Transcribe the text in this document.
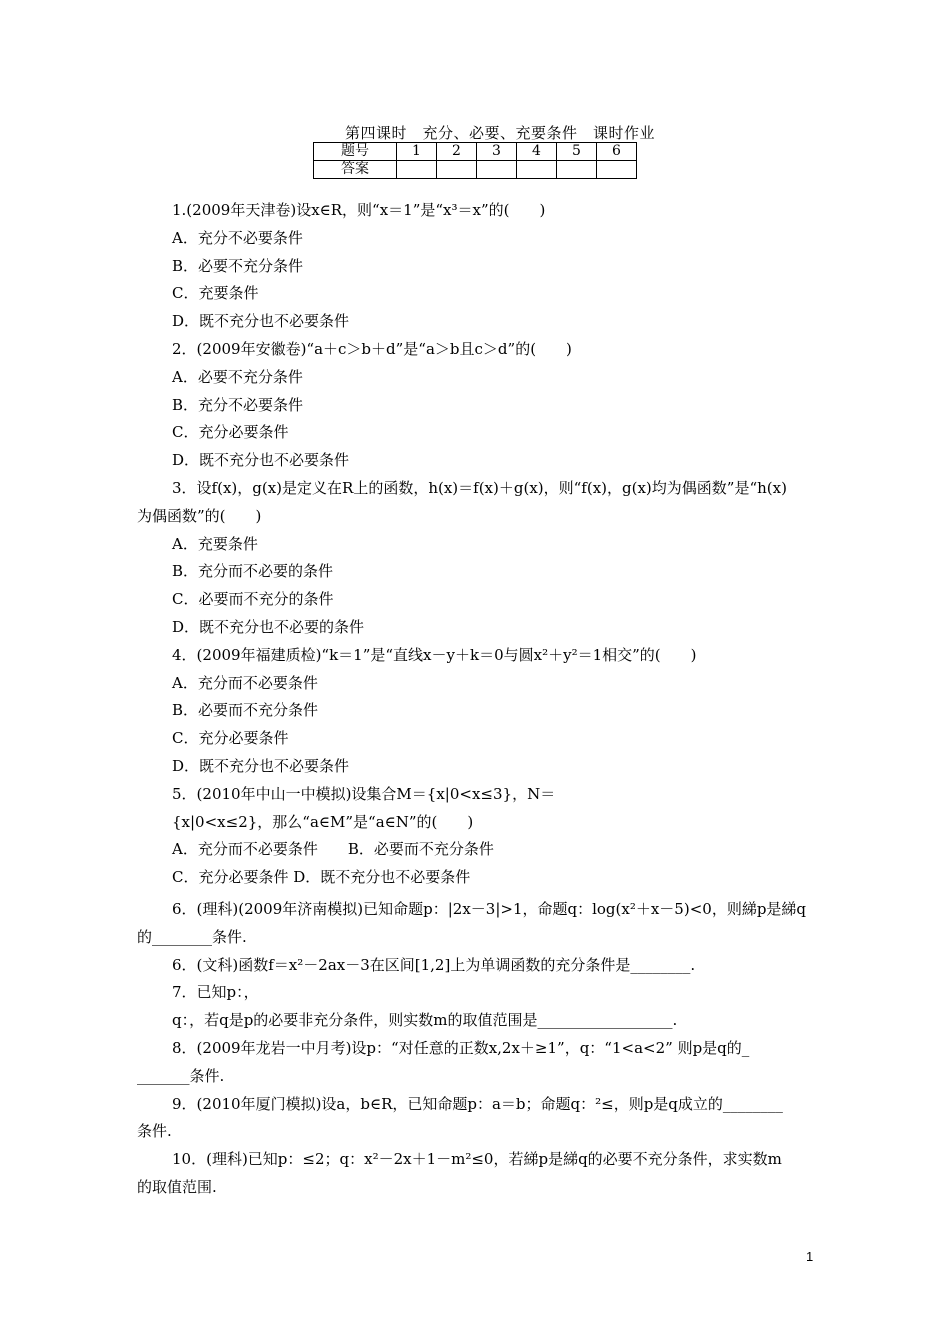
第四课时　充分、必要、充要条件　课时作业
题号	1	2	3	4	5	6
答案						
1.(2009年天津卷)设x∈R，则“x＝1”是“x³＝x”的(　　)
A．充分不必要条件
B．必要不充分条件
C．充要条件
D．既不充分也不必要条件
2．(2009年安徽卷)“a＋c＞b＋d”是“a＞b且c＞d”的(　　)
A．必要不充分条件
B．充分不必要条件
C．充分必要条件
D．既不充分也不必要条件
3．设f(x)，g(x)是定义在R上的函数，h(x)＝f(x)＋g(x)，则“f(x)，g(x)均为偶函数”是“h(x)
为偶函数”的(　　)
A．充要条件
B．充分而不必要的条件
C．必要而不充分的条件
D．既不充分也不必要的条件
4．(2009年福建质检)“k＝1”是“直线x－y＋k＝0与圆x²＋y²＝1相交”的(　　)
A．充分而不必要条件
B．必要而不充分条件
C．充分必要条件
D．既不充分也不必要条件
5．(2010年中山一中模拟)设集合M＝{x|0<x≤3}，N＝
{x|0<x≤2}，那么“a∈M”是“a∈N”的(　　)
A．充分而不必要条件　　B．必要而不充分条件
C．充分必要条件 D．既不充分也不必要条件
6．(理科)(2009年济南模拟)已知命题p：|2x－3|>1，命题q：log(x²＋x－5)<0，则綈p是綈q
的________条件.
6．(文科)函数f＝x²－2ax－3在区间[1,2]上为单调函数的充分条件是________.
7．已知p：，
q：，若q是p的必要非充分条件，则实数m的取值范围是__________________.
8．(2009年龙岩一中月考)设p：“对任意的正数x,2x＋≥1”，q：“1<a<2” 则p是q的_
_______条件.
9．(2010年厦门模拟)设a，b∈R，已知命题p：a＝b；命题q：²≤，则p是q成立的________
条件.
10．(理科)已知p：≤2；q：x²－2x＋1－m²≤0，若綈p是綈q的必要不充分条件，求实数m
的取值范围.
1
